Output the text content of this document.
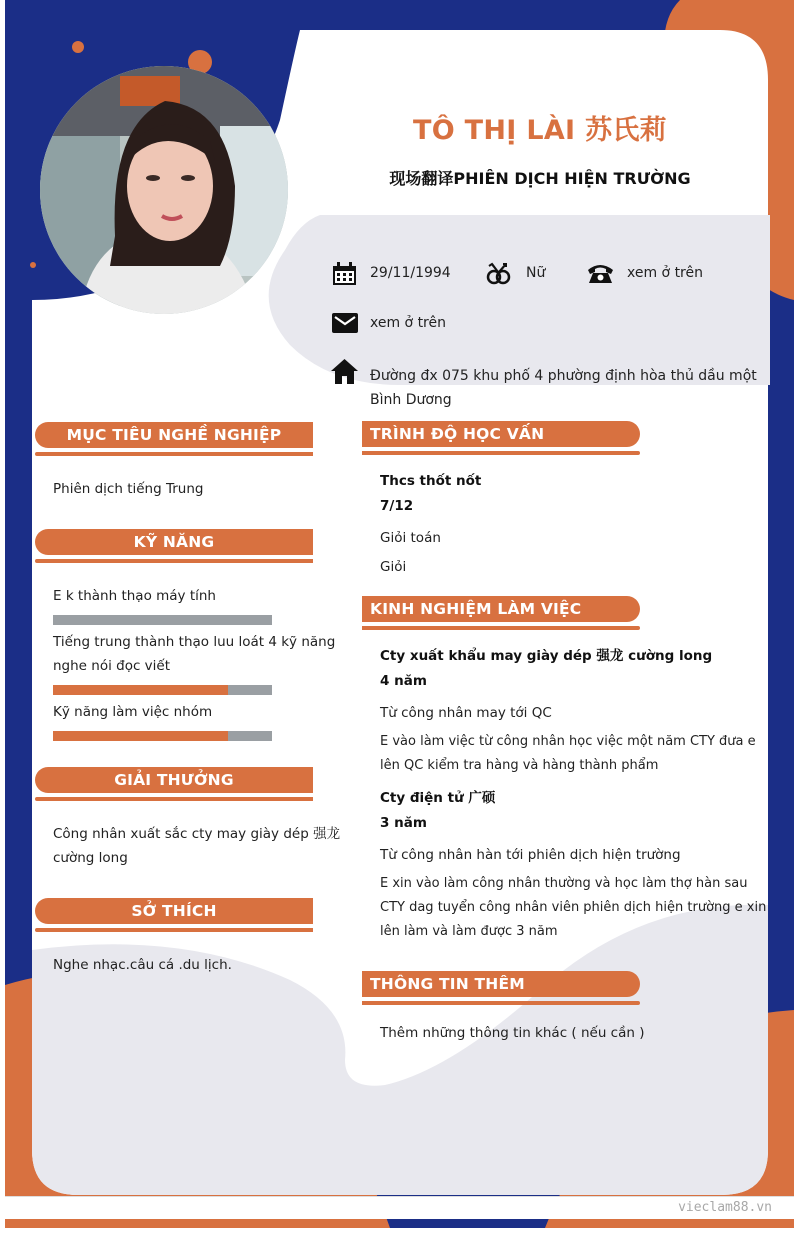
TÔ THỊ LÀI 苏氏莉
现场翻译PHIÊN DỊCH HIỆN TRƯỜNG
29/11/1994	Nữ	xem ở trên
xem ở trên
Đường đx 075 khu phố 4 phường định hòa thủ dầu một
Bình Dương
MỤC TIÊU NGHỀ NGHIỆP
Phiên dịch tiếng Trung
KỸ NĂNG
E k thành thạo máy tính
Tiếng trung thành thạo luu loát 4 kỹ năng
nghe nói đọc viết
Kỹ năng làm việc nhóm
GIẢI THƯỞNG
Công nhân xuất sắc cty may giày dép 强龙
cường long
SỞ THÍCH
Nghe nhạc.câu cá .du lịch.
TRÌNH ĐỘ HỌC VẤN
Thcs thốt nốt
7/12
Giỏi toán
Giỏi
KINH NGHIỆM LÀM VIỆC
Cty xuất khẩu may giày dép 强龙 cường long
4 năm
Từ công nhân may tới QC
E vào làm việc từ công nhân học việc một năm CTY đưa e
lên QC kiểm tra hàng và hàng thành phẩm
Cty điện tử 广硕
3 năm
Từ công nhân hàn tới phiên dịch hiện trường
E xin vào làm công nhân thường và học làm thợ hàn sau
CTY dag tuyển công nhân viên phiên dịch hiện trường e xin
lên làm và làm được 3 năm
THÔNG TIN THÊM
Thêm những thông tin khác ( nếu cần )
vieclam88.vn
